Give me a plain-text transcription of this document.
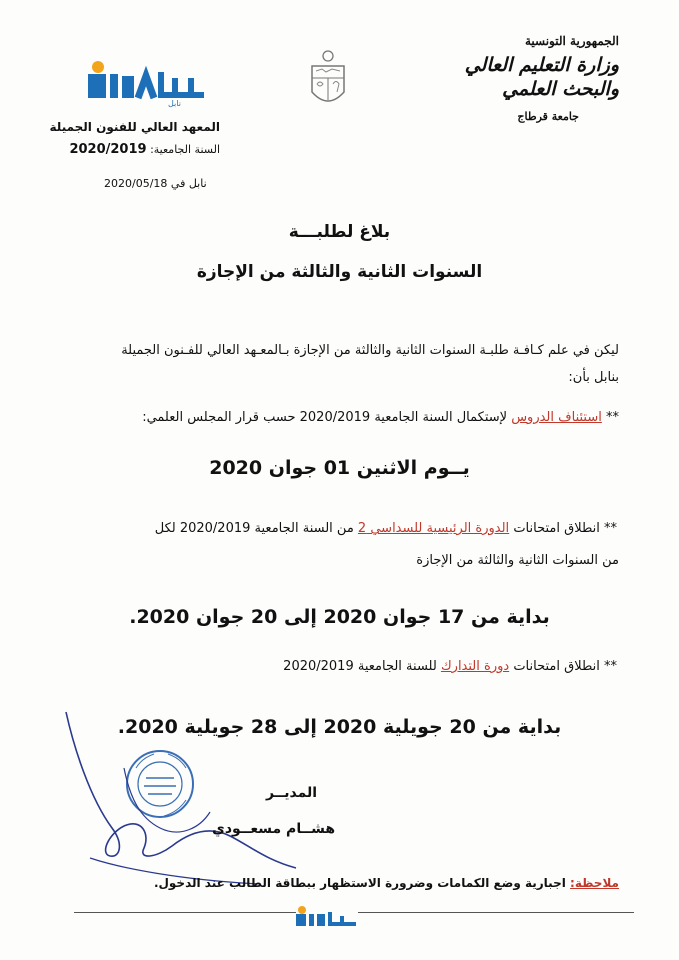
الجمهورية التونسية
وزارة التعليم العالي
والبحث العلمي
جامعة قرطاج
نابل
المعهد العالي للفنون الجميلة
السنة الجامعية: 2020/2019
نابل في 2020/05/18
بلاغ لطلبـــة
السنوات الثانية والثالثة من الإجازة
ليكن في علم كـافـة طلبـة السنوات الثانية والثالثة من الإجازة بـالمعـهد العالي للفـنون الجميلة
بنابل بأن:
** استئناف الدروس لإستكمال السنة الجامعية 2020/2019 حسب قرار المجلس العلمي:
يــوم الاثنين 01 جوان 2020
** انطلاق امتحانات الدورة الرئيسية للسداسي 2 من السنة الجامعية 2020/2019 لكل
من السنوات الثانية والثالثة من الإجازة
بداية من 17 جوان 2020 إلى 20 جوان 2020.
** انطلاق امتحانات دورة التدارك للسنة الجامعية 2020/2019
بداية من 20 جويلية 2020 إلى 28 جويلية 2020.
المديــر
هشــام مسعــودي
ملاحظة: اجبارية وضع الكمامات وضرورة الاستظهار ببطاقة الطالب عند الدخول.
